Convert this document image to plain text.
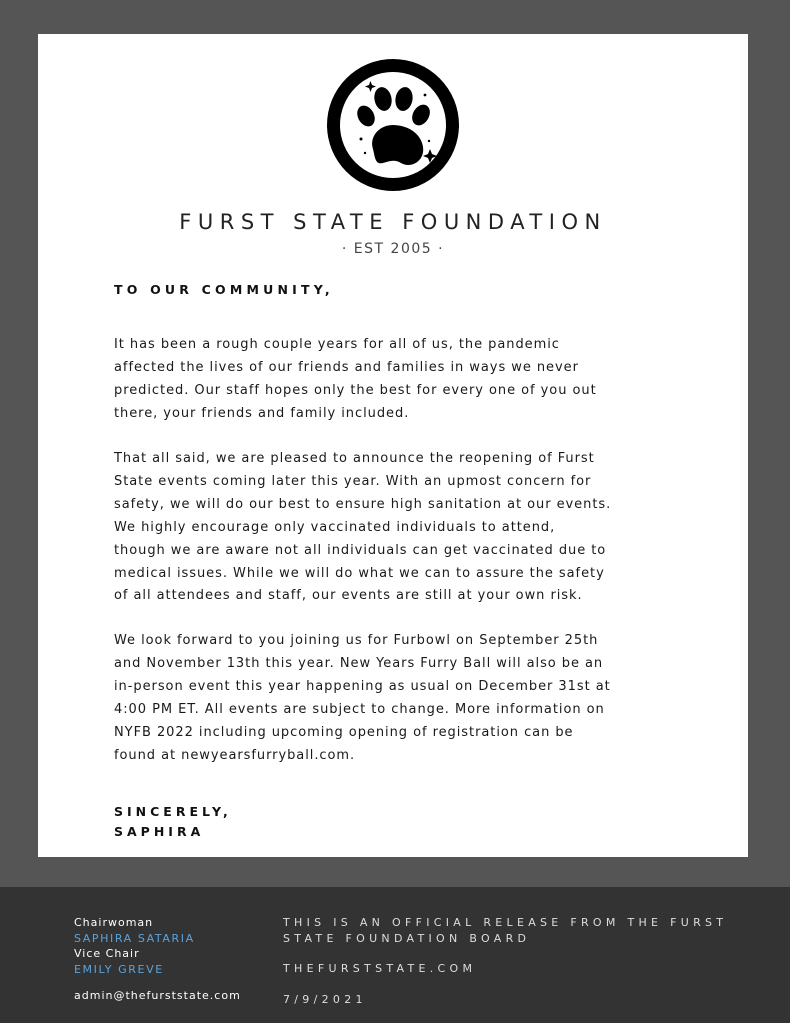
FURST STATE FOUNDATION
· EST 2005 ·
TO OUR COMMUNITY,
It has been a rough couple years for all of us, the pandemic
affected the lives of our friends and families in ways we never
predicted. Our staff hopes only the best for every one of you out
there, your friends and family included.
That all said, we are pleased to announce the reopening of Furst
State events coming later this year. With an upmost concern for
safety, we will do our best to ensure high sanitation at our events.
We highly encourage only vaccinated individuals to attend,
though we are aware not all individuals can get vaccinated due to
medical issues. While we will do what we can to assure the safety
of all attendees and staff, our events are still at your own risk.
We look forward to you joining us for Furbowl on September 25th
and November 13th this year. New Years Furry Ball will also be an
in-person event this year happening as usual on December 31st at
4:00 PM ET. All events are subject to change. More information on
NYFB 2022 including upcoming opening of registration can be
found at newyearsfurryball.com.
SINCERELY,
SAPHIRA
Chairwoman
SAPHIRA SATARIA
Vice Chair
EMILY GREVE
admin@thefurststate.com
THIS IS AN OFFICIAL RELEASE FROM THE FURST
STATE FOUNDATION BOARD
THEFURSTSTATE.COM
7/9/2021
